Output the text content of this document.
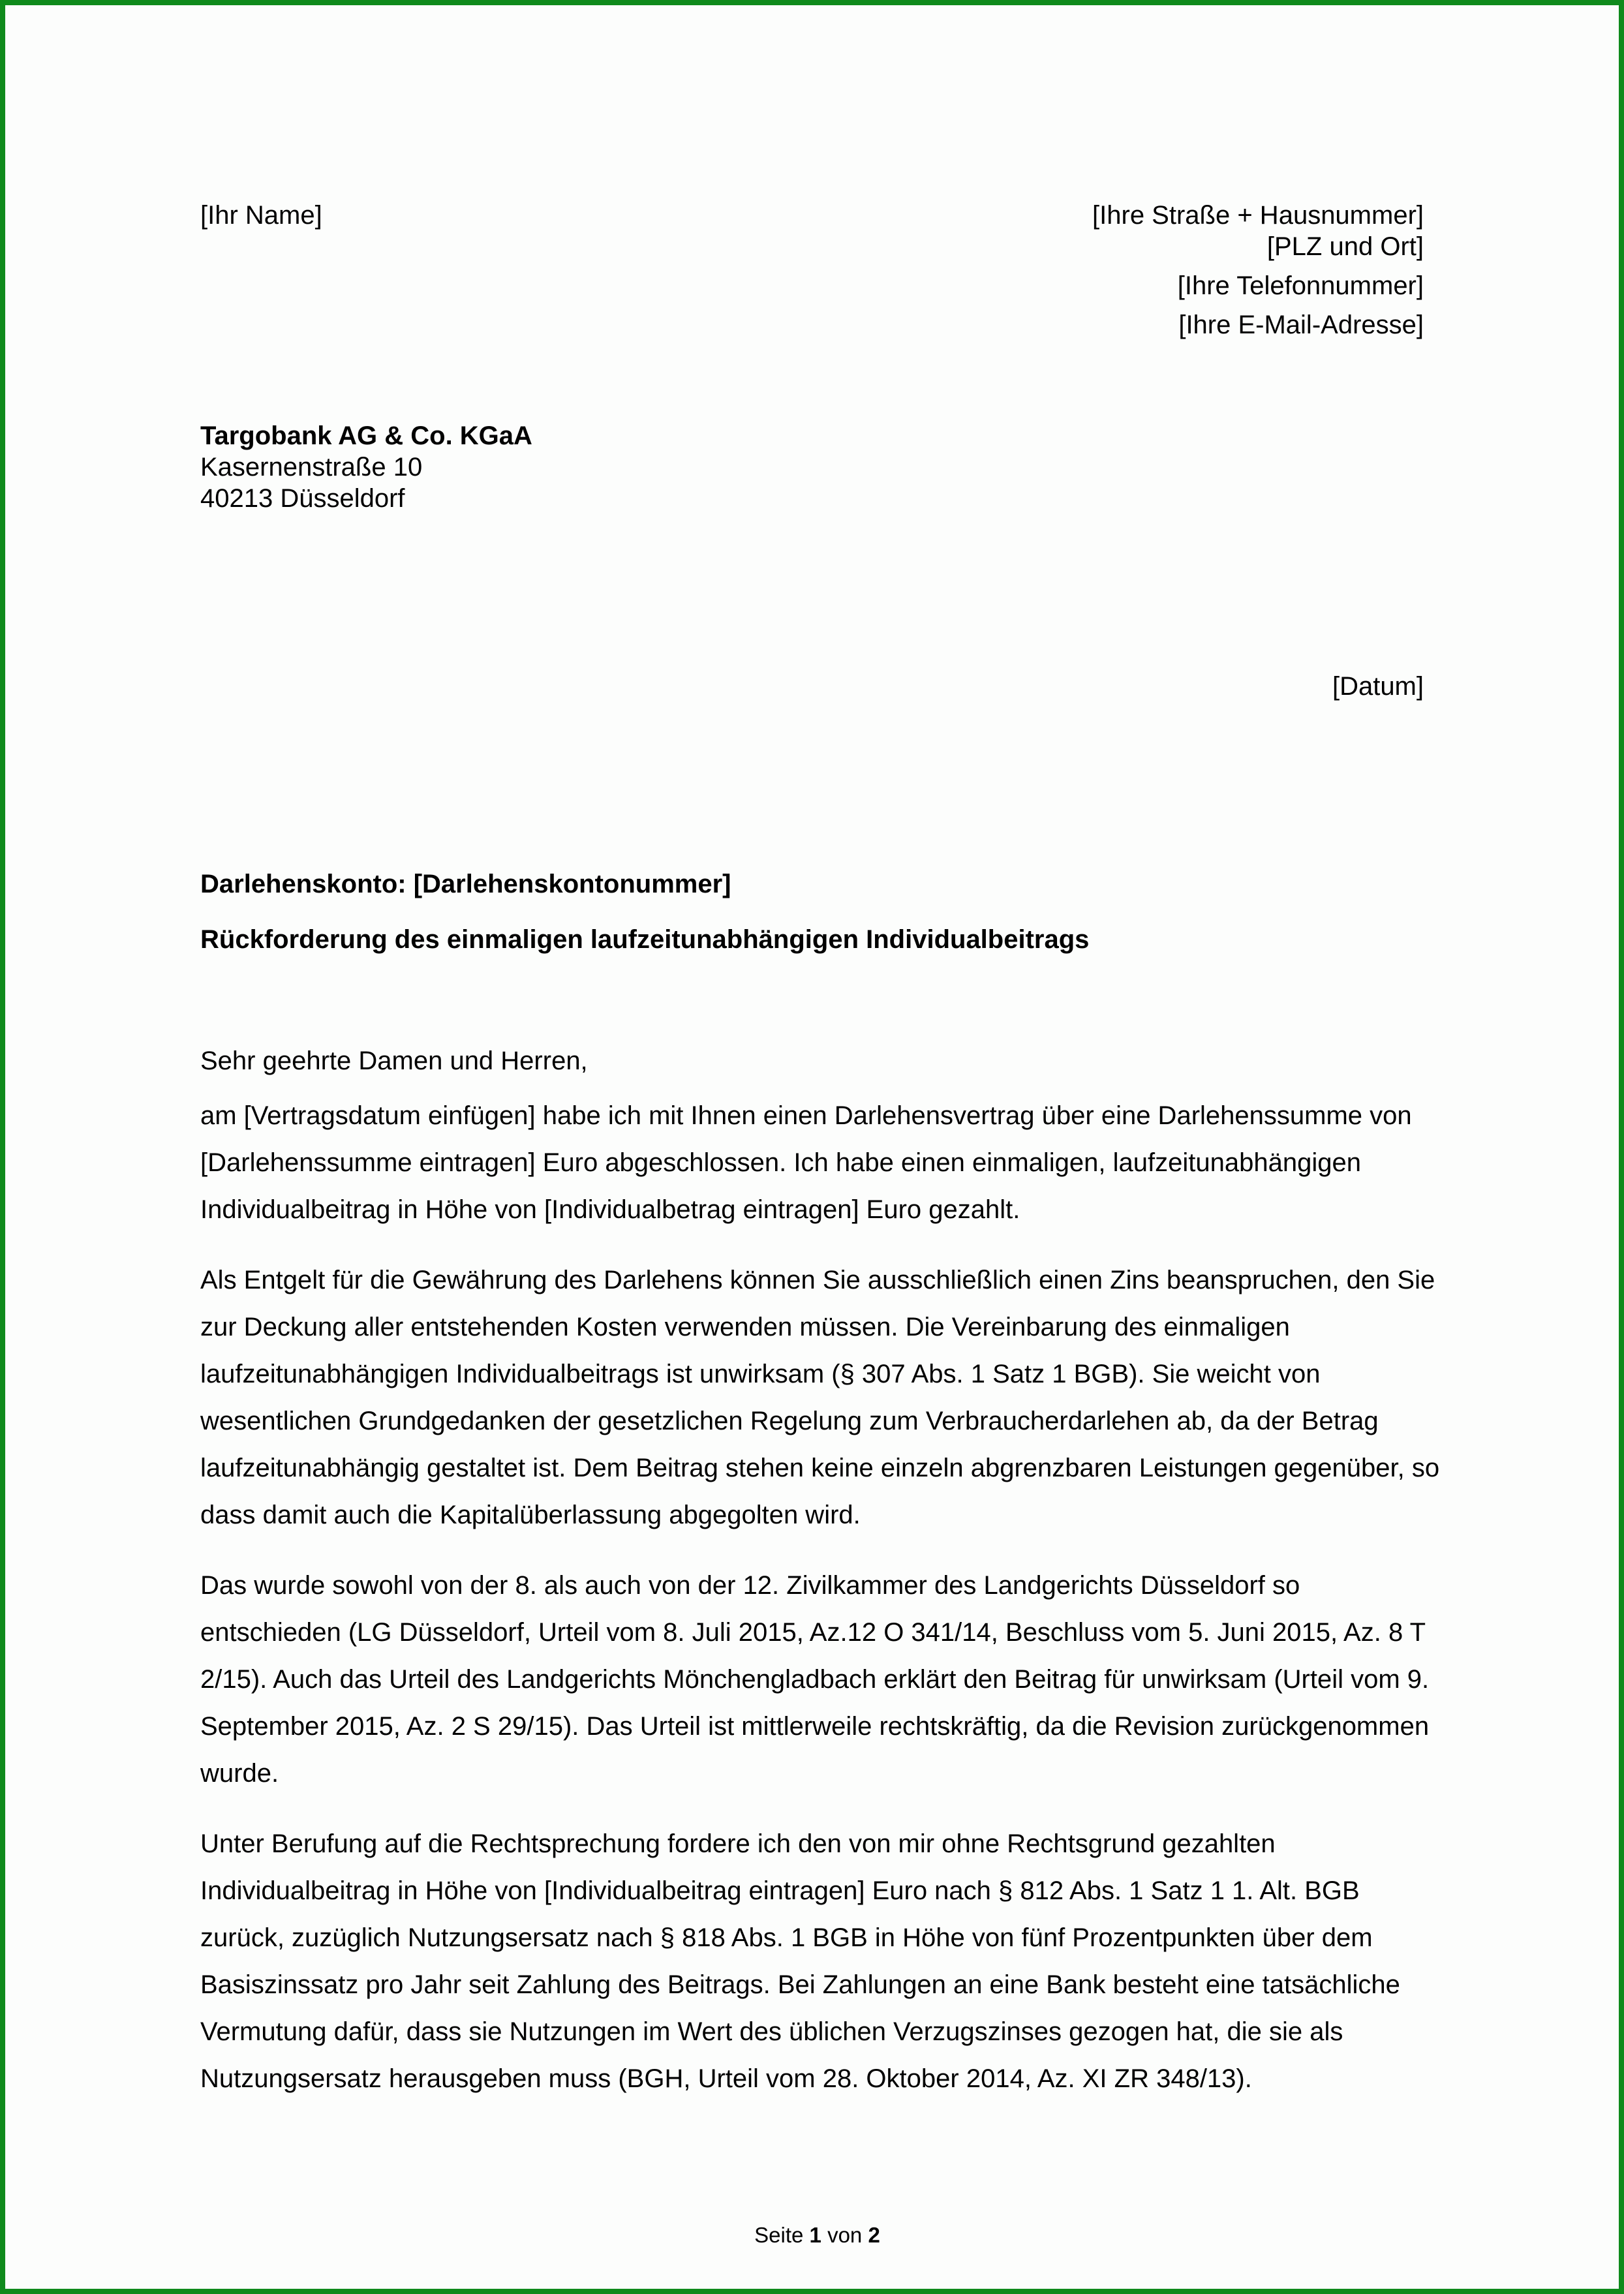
[Ihr Name]	[Ihre Straße + Hausnummer]
[PLZ und Ort]
[Ihre Telefonnummer]
[Ihre E-Mail-Adresse]
Targobank AG & Co. KGaA
Kasernenstraße 10
40213 Düsseldorf
[Datum]
Darlehenskonto: [Darlehenskontonummer]
Rückforderung des einmaligen laufzeitunabhängigen Individualbeitrags

Sehr geehrte Damen und Herren,

am [Vertragsdatum einfügen] habe ich mit Ihnen einen Darlehensvertrag über eine Darlehenssumme von [Darlehenssumme eintragen] Euro abgeschlossen. Ich habe einen einmaligen, laufzeitunabhängigen Individualbeitrag in Höhe von [Individualbetrag eintragen] Euro gezahlt.

Als Entgelt für die Gewährung des Darlehens können Sie ausschließlich einen Zins beanspruchen, den Sie zur Deckung aller entstehenden Kosten verwenden müssen. Die Vereinbarung des einmaligen laufzeitunabhängigen Individualbeitrags ist unwirksam (§ 307 Abs. 1 Satz 1 BGB). Sie weicht von wesentlichen Grundgedanken der gesetzlichen Regelung zum Verbraucherdarlehen ab, da der Betrag laufzeitunabhängig gestaltet ist. Dem Beitrag stehen keine einzeln abgrenzbaren Leistungen gegenüber, so dass damit auch die Kapitalüberlassung abgegolten wird.

Das wurde sowohl von der 8. als auch von der 12. Zivilkammer des Landgerichts Düsseldorf so entschieden (LG Düsseldorf, Urteil vom 8. Juli 2015, Az.12 O 341/14, Beschluss vom 5. Juni 2015, Az. 8 T 2/15). Auch das Urteil des Landgerichts Mönchengladbach erklärt den Beitrag für unwirksam (Urteil vom 9. September 2015, Az. 2 S 29/15). Das Urteil ist mittlerweile rechtskräftig, da die Revision zurückgenommen wurde.

Unter Berufung auf die Rechtsprechung fordere ich den von mir ohne Rechtsgrund gezahlten Individualbeitrag in Höhe von [Individualbeitrag eintragen] Euro nach § 812 Abs. 1 Satz 1 1. Alt. BGB zurück, zuzüglich Nutzungsersatz nach § 818 Abs. 1 BGB in Höhe von fünf Prozentpunkten über dem Basiszinssatz pro Jahr seit Zahlung des Beitrags. Bei Zahlungen an eine Bank besteht eine tatsächliche Vermutung dafür, dass sie Nutzungen im Wert des üblichen Verzugszinses gezogen hat, die sie als Nutzungsersatz herausgeben muss (BGH, Urteil vom 28. Oktober 2014, Az. XI ZR 348/13).

Seite 1 von 2
